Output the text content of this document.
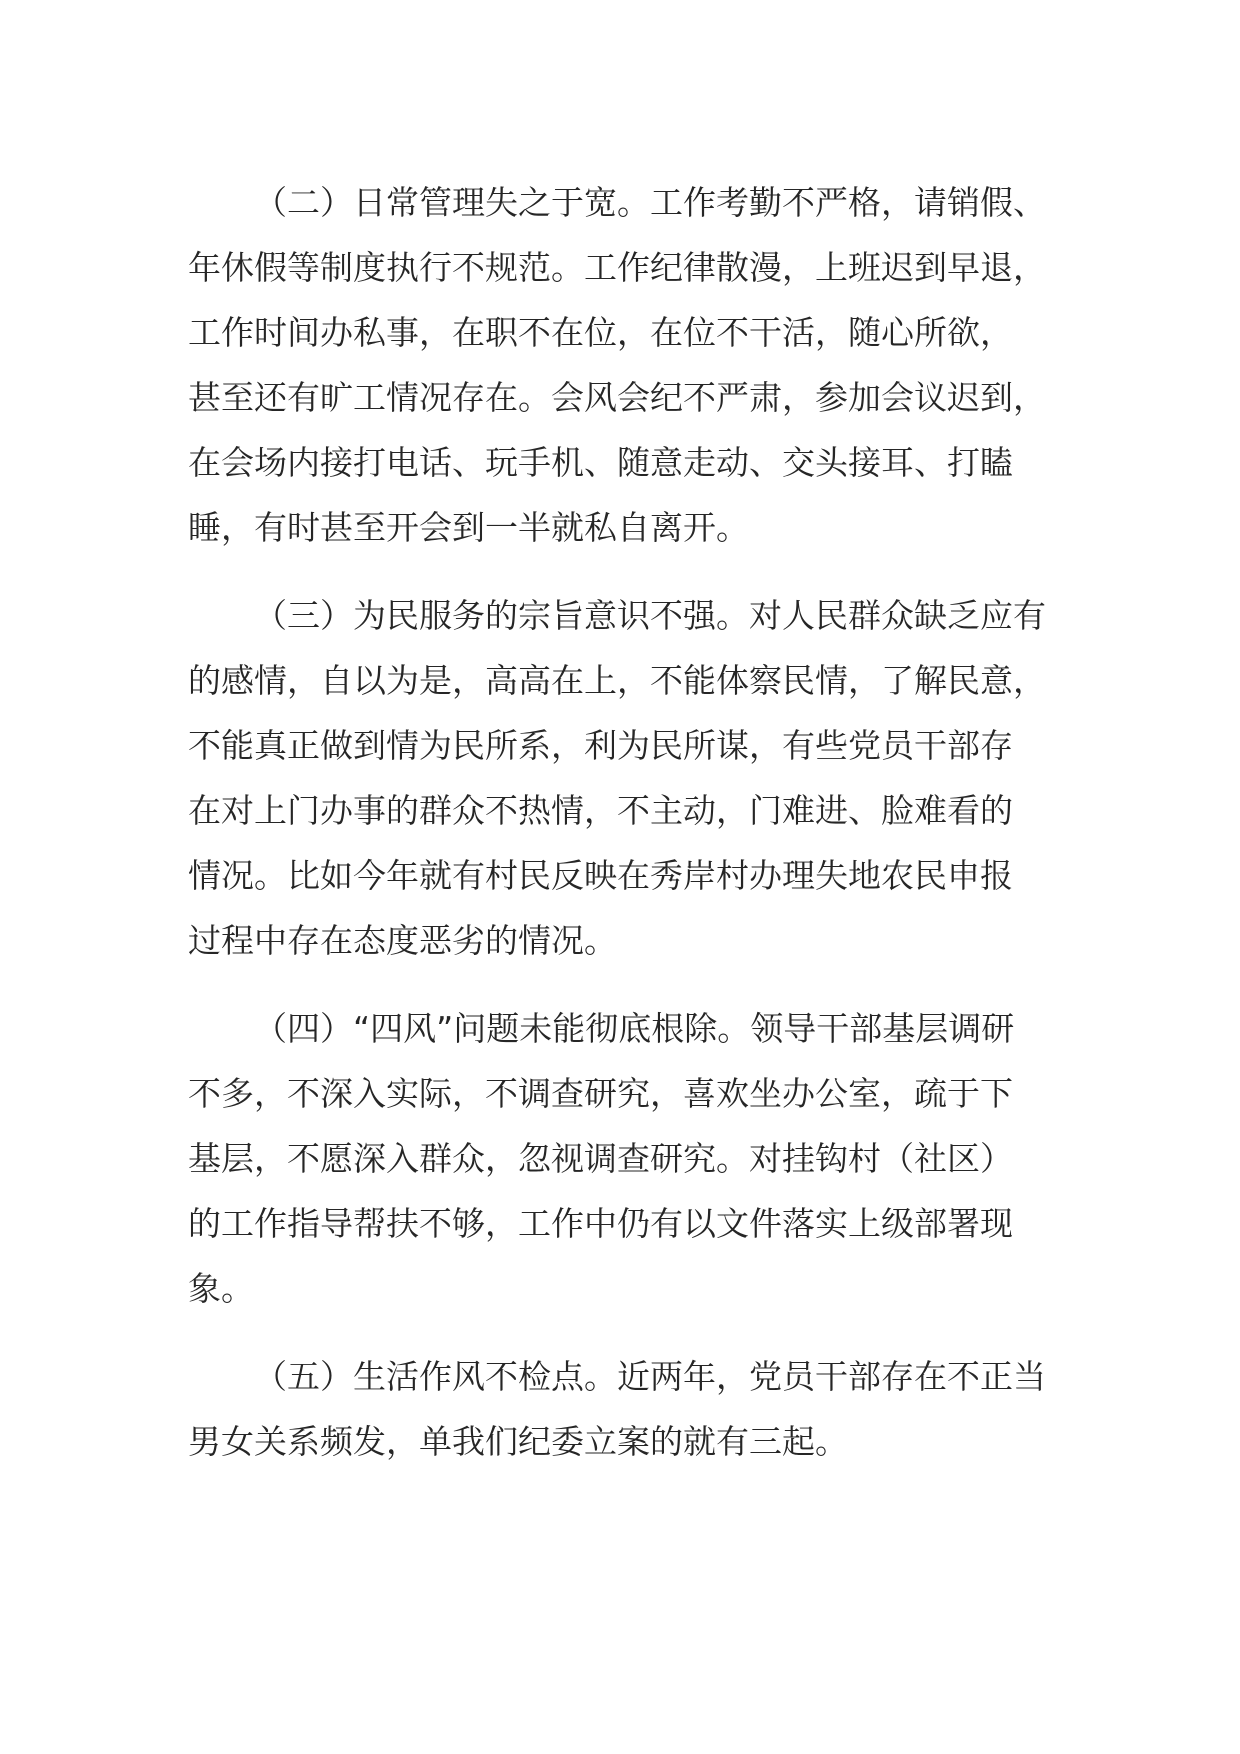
（二）日常管理失之于宽。工作考勤不严格，请销假、
年休假等制度执行不规范。工作纪律散漫，上班迟到早退，
工作时间办私事，在职不在位，在位不干活，随心所欲，
甚至还有旷工情况存在。会风会纪不严肃，参加会议迟到，
在会场内接打电话、玩手机、随意走动、交头接耳、打瞌
睡，有时甚至开会到一半就私自离开。
（三）为民服务的宗旨意识不强。对人民群众缺乏应有
的感情，自以为是，高高在上，不能体察民情，了解民意，
不能真正做到情为民所系，利为民所谋，有些党员干部存
在对上门办事的群众不热情，不主动，门难进、脸难看的
情况。比如今年就有村民反映在秀岸村办理失地农民申报
过程中存在态度恶劣的情况。
（四）“四风”问题未能彻底根除。领导干部基层调研
不多，不深入实际，不调查研究，喜欢坐办公室，疏于下
基层，不愿深入群众，忽视调查研究。对挂钩村（社区）
的工作指导帮扶不够，工作中仍有以文件落实上级部署现
象。
（五）生活作风不检点。近两年，党员干部存在不正当
男女关系频发，单我们纪委立案的就有三起。
